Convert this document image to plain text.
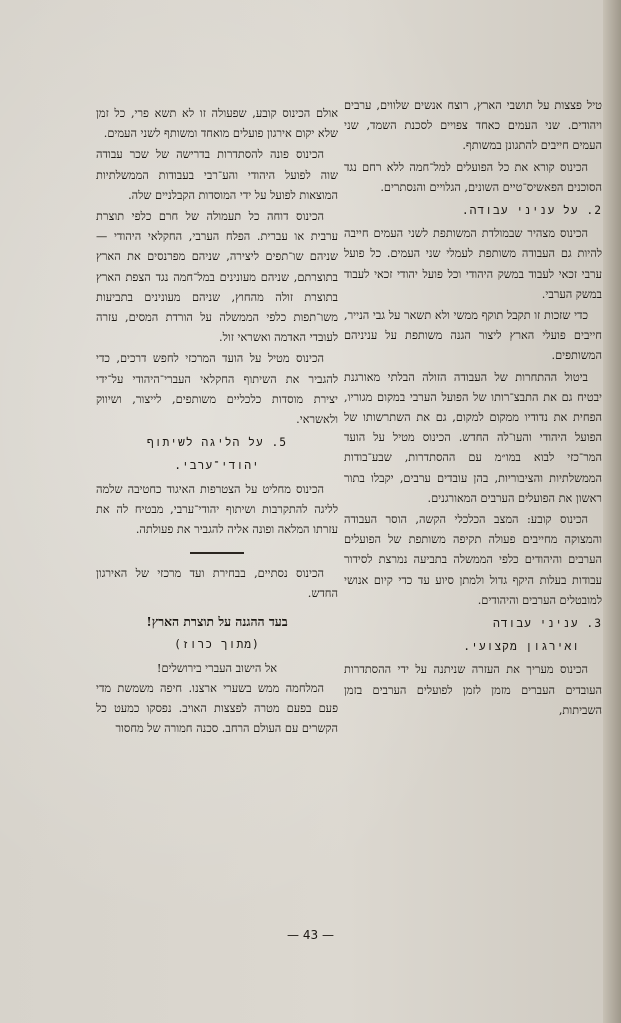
טיל פצצות על תושבי הארץ, רוצח אנשים שלווים, ערבים ויהודים. שני העמים כאחד צפויים לסכנת השמד, שני העמים חייבים להתגונן במשותף.

הכינוס קורא את כל הפועלים למל־חמה ללא רחם נגד הסוכנים הפאשיס־טיים השונים, הגלויים והנסתרים.

2. על עניני עבודה.

הכינוס מצהיר שבמולדת המשותפת לשני העמים חייבה להיות גם העבודה משותפת לעמלי שני העמים. כל פועל ערבי זכאי לעבוד במשק היהודי וכל פועל יהודי זכאי לעבוד במשק הערבי.

כדי שזכות זו תקבל תוקף ממשי ולא תשאר על גבי הנייר, חייבים פועלי הארץ ליצור הגנה משותפת על עניניהם המשותפים.

ביטול ההתחרות של העבודה הזולה הבלתי מאורגנת יבטיח גם את התבצ־רותו של הפועל הערבי במקום מגוריו, הפחית את נדודיו ממקום למקום, גם את השתרשותו של הפועל היהודי והעו־לה החדש. הכינוס מטיל על הועד המר־כזי לבוא במו״מ עם ההסתדרות, שבע־בודות הממשלתיות והציבוריות, בהן עובדים ערבים, יקבלו בתור ראשון את הפועלים הערבים המאורגנים.

הכינוס קובע: המצב הכלכלי הקשה, הוסר העבודה והמצוקה מחייבים פעולה תקיפה משותפת של הפועלים הערבים והיהודים כלפי הממשלה בתביעה נמרצת לסידור עבודות בעלות היקף גדול ולמתן סיוע עד כדי קיום אנושי למובטלים הערבים והיהודים.

3. עניני עבודה
ואירגון מקצועי.

הכינוס מעריך את העזרה שניתנה על ידי ההסתדרות העובדים העברים מזמן לזמן לפועלים הערבים בזמן השביתות,

אולם הכינוס קובע, שפעולה זו לא תשא פרי, כל זמן שלא יקום אירגון פועלים מואחד ומשותף לשני העמים.

הכינוס פונה להסתדרות בדרישה של שכר עבודה שוה לפועל היהודי והע־רבי בעבודות הממשלתיות המוצאות לפועל על ידי המוסדות הקבלניים שלה.

הכינוס דוחה כל תעמולה של חרם כלפי תוצרת ערבית או עברית. הפלח הערבי, החקלאי היהודי — שניהם שו־תפים ליצירה, שניהם מפרנסים את הארץ בתוצרתם, שניהם מעונינים במל־חמה נגד הצפת הארץ בתוצרת זולה מהחוץ, שניהם מעונינים בתביעות משו־תפות כלפי הממשלה על הורדת המסים, עזרה לעובדי האדמה ואשראי זול.

הכינוס מטיל על הועד המרכזי לחפש דרכים, כדי להגביר את השיתוף החקלאי העברי־היהודי על־ידי יצירת מוסדות כלכליים משותפים, לייצור, ושיווק ולאשראי.

5. על הליגה לשיתוף
יהודי־ערבי.

הכינוס מחליט על הצטרפות האיגוד כחטיבה שלמה לליגה להתקרבות ושיתוף יהודי־ערבי, מבטיח לה את עזרתו המלאה ופונה אליה להגביר את פעולתה.

הכינוס נסתיים, בבחירת ועד מרכזי של האירגון החדש.

בעד ההגנה על תוצרת הארץ!
(מתוך כרוז)
אל הישוב העברי בירושלים!

המלחמה ממש בשערי ארצנו. חיפה משמשת מדי פעם בפעם מטרה לפצצות האויב. נפסקו כמעט כל הקשרים עם העולם הרחב. סכנה חמורה של מחסור

— 43 —
